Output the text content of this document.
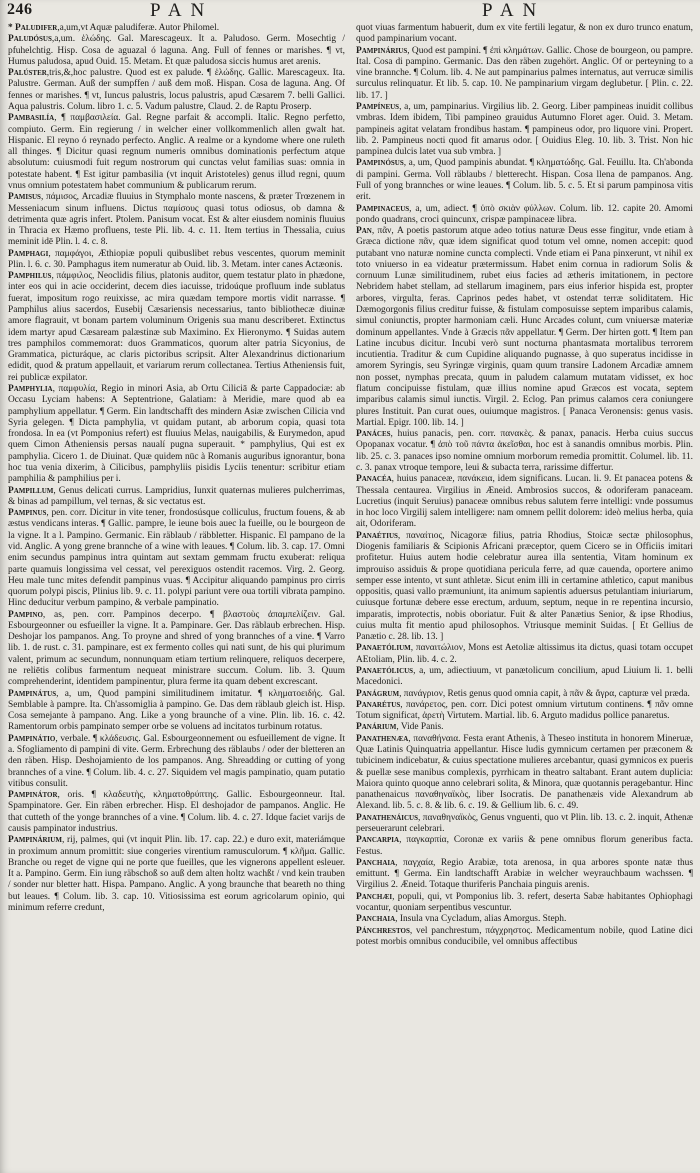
246	PAN	PAN

* Paludifer,a,um,vt Aquæ paludiferæ. Autor Philomel.

Paludósus,a,um. ἑλώδης. Gal. Marescageux. It a. Paludoso. Germ. Mosechtig / pfuhelchtig. Hisp. Cosa de aguazal ó laguna. Ang. Full of fennes or marishes. ¶ vt, Humus paludosa, apud Ouid. 15. Metam. Et quæ paludosa siccis humus aret arenis.

Palúster,tris,&,hoc palustre. Quod est ex palude. ¶ ἑλώδης. Gallic. Marescageux. Ita. Palustre. German. Auß der sumpffen / auß dem moß. Hispan. Cosa de laguna. Ang. Of fennes or marishes. ¶ vt, Iuncus palustris, locus palustris, apud Cæsarem 7. belli Gallici. Aqua palustris. Colum. libro 1. c. 5. Vadum palustre, Claud. 2. de Raptu Proserp.

Pambasilía, ¶ παμβασιλεία. Gal. Regne parfait & accompli. Italic. Regno perfetto, compiuto. Germ. Ein regierung / in welcher einer vollkommenlich allen gwalt hat. Hispanic. El reyno ó reynado perfecto. Anglic. A realme or a kyndome where one ruleth all thinges. ¶ Dicitur quasi regnum numeris omnibus dominationis perfectum atque absolutum: cuiusmodi fuit regum nostrorum qui cunctas velut familias suas: omnia in potestate habent. ¶ Est igitur pambasilia (vt inquit Aristoteles) genus illud regni, quum vnus omnium potestatem habet communium & publicarum rerum.

Pamisus, πάμισος, Arcadiæ fluuius in Stymphalo monte nascens, & præter Trœzenem in Messeniacum sinum influens. Dictus παμίσους quasi totus odiosus, ob damna & detrimenta quæ agris infert. Ptolem. Panisum vocat. Est & alter eiusdem nominis fluuius in Thracia ex Hæmo profluens, teste Pli. lib. 4. c. 11. Item tertius in Thessalia, cuius meminit idē Plin. l. 4. c. 8.

Pamphagi, παμφάγοι, Æthiopiæ populi quibuslibet rebus vescentes, quorum meminit Plin. l. 6. c. 30. Pamphagus item numeratur ab Ouid. lib. 3. Metam. inter canes Actæonis.

Pamphilus, πάμφιλος, Neoclidis filius, platonis auditor, quem testatur plato in phædone, inter eos qui in acie occiderint, decem dies iacuisse, tridoúque profluum inde sublatus fuerat, impositum rogo reuixisse, ac mira quædam tempore mortis vidit narrasse. ¶ Pamphilus alius sacerdos, Eusebij Cæsariensis necessarius, tanto bibliothecæ diuinæ amore flagrauit, vt bonam partem voluminum Origenis sua manu describeret. Extinctus idem martyr apud Cæsaream palæstinæ sub Maximino. Ex Hieronymo. ¶ Suidas autem tres pamphilos commemorat: duos Grammaticos, quorum alter patria Sicyonius, de Grammatica, picturáque, ac claris pictoribus scripsit. Alter Alexandrinus dictionarium edidit, quod & pratum appellauit, et variarum rerum collectanea. Tertius Atheniensis fuit, rei publicæ expilator.

Pamphylia, παμφυλία, Regio in minori Asia, ab Ortu Ciliciā & parte Cappadociæ: ab Occasu Lyciam habens: A Septentrione, Galatiam: à Meridie, mare quod ab ea pamphylium appellatur. ¶ Germ. Ein landtschafft des mindern Asiæ zwischen Cilicia vnd Syria gelegen. ¶ Dicta pamphylia, vt quidam putant, ab arborum copia, quasi tota frondosa. In ea (vt Pomponius refert) est fluuius Melas, nauigabilis, & Eurymedon, apud quem Cimon Atheniensis persas naualí pugna superauit. * pamphylius, Qui est ex pamphylia. Cicero 1. de Diuinat. Quæ quidem nūc à Romanis auguribus ignorantur, bona hoc tua venia dixerim, à Cilicibus, pamphyliis pisidis Lyciis tenentur: scribitur etiam pamphilia & pamphilius per i.

Pampillum, Genus delicati currus. Lampridius, Iunxit quaternas mulieres pulcherrimas, & binas ad pampillum, vel ternas, & sic vectatus est.

Pampinus, pen. corr. Dicitur in vite tener, frondosúsque colliculus, fructum fouens, & ab æstus vendicans interas. ¶ Gallic. pampre, le ieune bois auec la fueille, ou le bourgeon de la vigne. It a l. Pampino. Germanic. Ein räblaub / räbbletter. Hispanic. El pampano de la vid. Anglic. A yong grene brannche of a wine with leaues. ¶ Colum. lib. 3. cap. 17. Omni enim secundus pampinus intra quintam aut sextam gemmam fructu exuberat: reliqua parte quamuis longissima vel cessat, vel perexiguos ostendit racemos. Virg. 2. Georg. Heu male tunc mites defendit pampinus vuas. ¶ Accipitur aliquando pampinus pro cirris quorum polypi piscis, Plinius lib. 9. c. 11. polypi pariunt vere oua tortili vibrata pampino. Hinc deducitur verbum pampino, & verbale pampinatio.

Pampino, as, pen. corr. Pampinos decerpo. ¶ βλαστοὺς ἀπαμπελίζειν. Gal. Esbourgeonner ou esfueiller la vigne. It a. Pampinare. Ger. Das räblaub erbrechen. Hisp. Deshojar los pampanos. Ang. To proyne and shred of yong brannches of a vine. ¶ Varro lib. 1. de rust. c. 31. pampinare, est ex fermento colles qui nati sunt, de his qui plurimum valent, primum ac secundum, nonnunquam etiam tertium relinquere, reliquos decerpere, ne reliētis colibus farmentum nequeat ministrare succum. Colum. lib. 3. Quum comprehenderint, identidem pampinentur, plura ferme ita quam debent excrescant.

Pampinátus, a, um, Quod pampini similitudinem imitatur. ¶ κληματοειδής. Gal. Semblable à pampre. Ita. Ch'assomiglia à pampino. Ge. Das dem räblaub gleich ist. Hisp. Cosa semejante à pampano. Ang. Like a yong braunche of a vine. Plin. lib. 16. c. 42. Ramentorum orbis pampinato semper orbe se voluens ad incitatos turbinum rotatus.

Pampinátio, verbale. ¶ κλάδευσις. Gal. Esbourgeonnement ou esfueillement de vigne. It a. Sfogliamento di pampini di vite. Germ. Erbrechung des räblaubs / oder der bletteren an den räben. Hisp. Deshojamiento de los pampanos. Ang. Shreadding or cutting of yong brannches of a vine. ¶ Colum. lib. 4. c. 27. Siquidem vel magis pampinatio, quam putatio vitibus consulit.

Pampinátor, oris. ¶ κλαδευτὴς, κληματοθρύπτης. Gallic. Esbourgeonneur. Ital. Spampinatore. Ger. Ein räben erbrecher. Hisp. El deshojador de pampanos. Anglic. He that cutteth of the yonge brannches of a vine. ¶ Colum. lib. 4. c. 27. Idque faciet varijs de causis pampinator industrius.

Pampinárium, rij, palmes, qui (vt inquit Plin. lib. 17. cap. 22.) e duro exit, materiámque in proximum annum promittit: siue congeries virentium ramusculorum. ¶ κλῆμα. Gallic. Branche ou reget de vigne qui ne porte que fueilles, que les vignerons appellent esleuer. It a. Pampino. Germ. Ein iung räbschoß so auß dem alten holtz wachßt / vnd kein trauben / sonder nur bletter hatt. Hispa. Pampano. Anglic. A yong braunche that beareth no thing but leaues. ¶ Colum. lib. 3. cap. 10. Vitiosissima est eorum agricolarum opinio, qui minimum referre credunt,

quot viuas farmentum habuerit, dum ex vite fertili legatur, & non ex duro trunco enatum, quod pampinarium vocant.

Pampinárius, Quod est pampini. ¶ ἐπὶ κλημάτων. Gallic. Chose de bourgeon, ou pampre. Ital. Cosa di pampino. Germanic. Das den räben zugehört. Anglic. Of or perteyning to a vine brannche. ¶ Colum. lib. 4. Ne aut pampinarius palmes internatus, aut verrucæ similis surculus relinquatur. Et lib. 5. cap. 10. Ne pampinarium virgam deglubetur. [ Plin. c. 22. lib. 17. ]

Pampíneus, a, um, pampinarius. Virgilius lib. 2. Georg. Liber pampineas inuidit collibus vmbras. Idem ibidem, Tibi pampineo grauidus Autumno Floret ager. Ouid. 3. Metam. pampineis agitat velatam frondibus hastam. ¶ pampineus odor, pro liquore vini. Propert. lib. 2. Pampineus nocti quod fit amarus odor. [ Ouidius Eleg. 10. lib. 3. Trist. Non hic pampinea dulcis latet vua sub vmbra. ]

Pampinósus, a, um, Quod pampinis abundat. ¶ κληματώδης. Gal. Feuillu. Ita. Ch'abonda di pampini. Germa. Voll räblaubs / bletterecht. Hispan. Cosa llena de pampanos. Ang. Full of yong brannches or wine leaues. ¶ Colum. lib. 5. c. 5. Et si parum pampinosa vitis erit.

Pampinaceus, a, um, adiect. ¶ ὑπὸ σκιὰν φύλλων. Colum. lib. 12. capite 20. Amomi pondo quadrans, croci quincunx, crispæ pampinaceæ libra.

Pan, πᾶν, A poetis pastorum atque adeo totius naturæ Deus esse fingitur, vnde etiam à Græca dictione πᾶν, quæ idem significat quod totum vel omne, nomen accepit: quod putabant vno naturæ nomine cuncta complecti. Vnde etiam ei Pana pinxerunt, vt nihil ex toto vniuerso in ea videatur prætermissum. Habet enim cornua in radiorum Solis & cornuum Lunæ similitudinem, rubet eius facies ad ætheris imitationem, in pectore Nebridem habet stellam, ad stellarum imaginem, pars eius inferior hispida est, propter arbores, virgulta, feras. Caprinos pedes habet, vt ostendat terræ soliditatem. Hic Dæmogorgonis filius creditur fuisse, & fistulam composuisse septem imparibus calamis, simul coniunctis, propter harmoniam cæli. Hunc Arcades colunt, cum vniuersæ materiæ dominum appellantes. Vnde à Græcis πᾶν appellatur. ¶ Germ. Der hirten gott. ¶ Item pan Latine incubus dicitur. Incubi verò sunt nocturna phantasmata mortalibus terrorem incutientia. Traditur & cum Cupidine aliquando pugnasse, à quo superatus incidisse in amorem Syringis, seu Syringæ virginis, quam quum transire Ladonem Arcadiæ amnem non posset, nymphas precata, quum in paludem calamum mutatam vidisset, ex hoc flatum concipuisse fistulam, quæ illius nomine apud Græcos est vocata, septem imparibus calamis simul iunctis. Virgil. 2. Eclog. Pan primus calamos cera coniungere plures Instituit. Pan curat oues, ouiumque magistros. [ Panaca Veronensis: genus vasis. Martial. Epigr. 100. lib. 14. ]

Panáces, huius panacis, pen. corr. πανακὲς. & panax, panacis. Herba cuius succus Opopanax vocatur. ¶ ἀπὸ τοῦ πάντα ἀκεῖσθαι, hoc est à sanandis omnibus morbis. Plin. lib. 25. c. 3. panaces ipso nomine omnium morborum remedia promittit. Columel. lib. 11. c. 3. panax vtroque tempore, leui & subacta terra, rarissime differtur.

Panacéa, huius panaceæ, πανάκεια, idem significans. Lucan. li. 9. Et panacea potens & Thessala centaurea. Virgilius in Æneid. Ambrosios succos, & odoriferam panaceam. Lucretius (inquit Seruius) panaceæ omnibus rebus salutem ferre intelligi: vnde possumus in hoc loco Virgilij salem intelligere: nam omnem pellit dolorem: ideò melius herba, quia ait, Odoriferam.

Panaétius, παναίτιος, Nicagoræ filius, patria Rhodius, Stoicæ sectæ philosophus, Diogenis familiaris & Scipionis Africani præceptor, quem Cicero se in Officiis imitari profitetur. Huius autem hodie celebratur aurea illa sententia, Vitam hominum ex improuiso assiduis & prope quotidiana pericula ferre, ad quæ cauenda, oportere animo semper esse intento, vt sunt athletæ. Sicut enim illi in certamine athletico, caput manibus oppositis, quasi vallo præmuniunt, ita animum sapientis aduersus petulantiam iniuriarum, cuiusque fortunæ debere esse erectum, arduum, septum, neque in re repentina incursio, imparatis, improtectis, nobis oboriatur. Fuit & alter Panætius Senior, & ipse Rhodius, cuius multa fit mentio apud philosophos. Vtriusque meminit Suidas. [ Et Gellius de Panætio c. 28. lib. 13. ]

Panaetólium, παναιτώλιον, Mons est Aetoliæ altissimus ita dictus, quasi totam occupet AEtoliam, Plin. lib. 4. c. 2.

Panaetólicus, a, um, adiectiuum, vt panætolicum concilium, apud Liuium li. 1. belli Macedonici.

Panágrum, πανάγριον, Retis genus quod omnia capit, à πᾶν & ἄγρα, capturæ vel præda.

Panarétus, πανάρετος, pen. corr. Dici potest omnium virtutum continens. ¶ πᾶν omne Totum significat, ἀρετὴ Virtutem. Martial. lib. 6. Arguto madidus pollice panaretus.

Panárium, Vide Panis.

Panathenæa, παναθήναια. Festa erant Athenis, à Theseo instituta in honorem Mineruæ, Quæ Latinis Quinquatria appellantur. Hisce ludis gymnicum certamen per præconem & tubicinem indicebatur, & cuius spectatione mulieres arcebantur, quasi gymnicos ex pueris & puellæ sese manibus complexis, pyrrhicam in theatro saltabant. Erant autem duplicia: Maiora quinto quoque anno celebrari solita, & Minora, quæ quotannis peragebantur. Hinc panathenaicus παναθηναϊκὸς, liber Isocratis. De panathenæis vide Alexandrum ab Alexand. lib. 5. c. 8. & lib. 6. c. 19. & Gellium lib. 6. c. 49.

Panathenáicus, παναθηναϊκὸς, Genus vnguenti, quo vt Plin. lib. 13. c. 2. inquit, Athenæ perseuerarunt celebrari.

Pancarpia, παγκαρπία, Coronæ ex variis & pene omnibus florum generibus facta. Festus.

Panchaia, παγχαία, Regio Arabiæ, tota arenosa, in qua arbores sponte natæ thus emittunt. ¶ Germa. Ein landtschafft Arabiæ in welcher weyrauchbaum wachssen. ¶ Virgilius 2. Æneid. Totaque thuriferis Panchaia pinguis arenis.

Panchæi, populi, qui, vt Pomponius lib. 3. refert, deserta Sabæ habitantes Ophiophagi vocantur, quoniam serpentibus vescuntur.

Panchaia, Insula vna Cycladum, alias Amorgus. Steph.

Pánchrestos, vel panchrestum, πάγχρηστος. Medicamentum nobile, quod Latine dici potest morbis omnibus conducibile, vel omnibus affectibus
